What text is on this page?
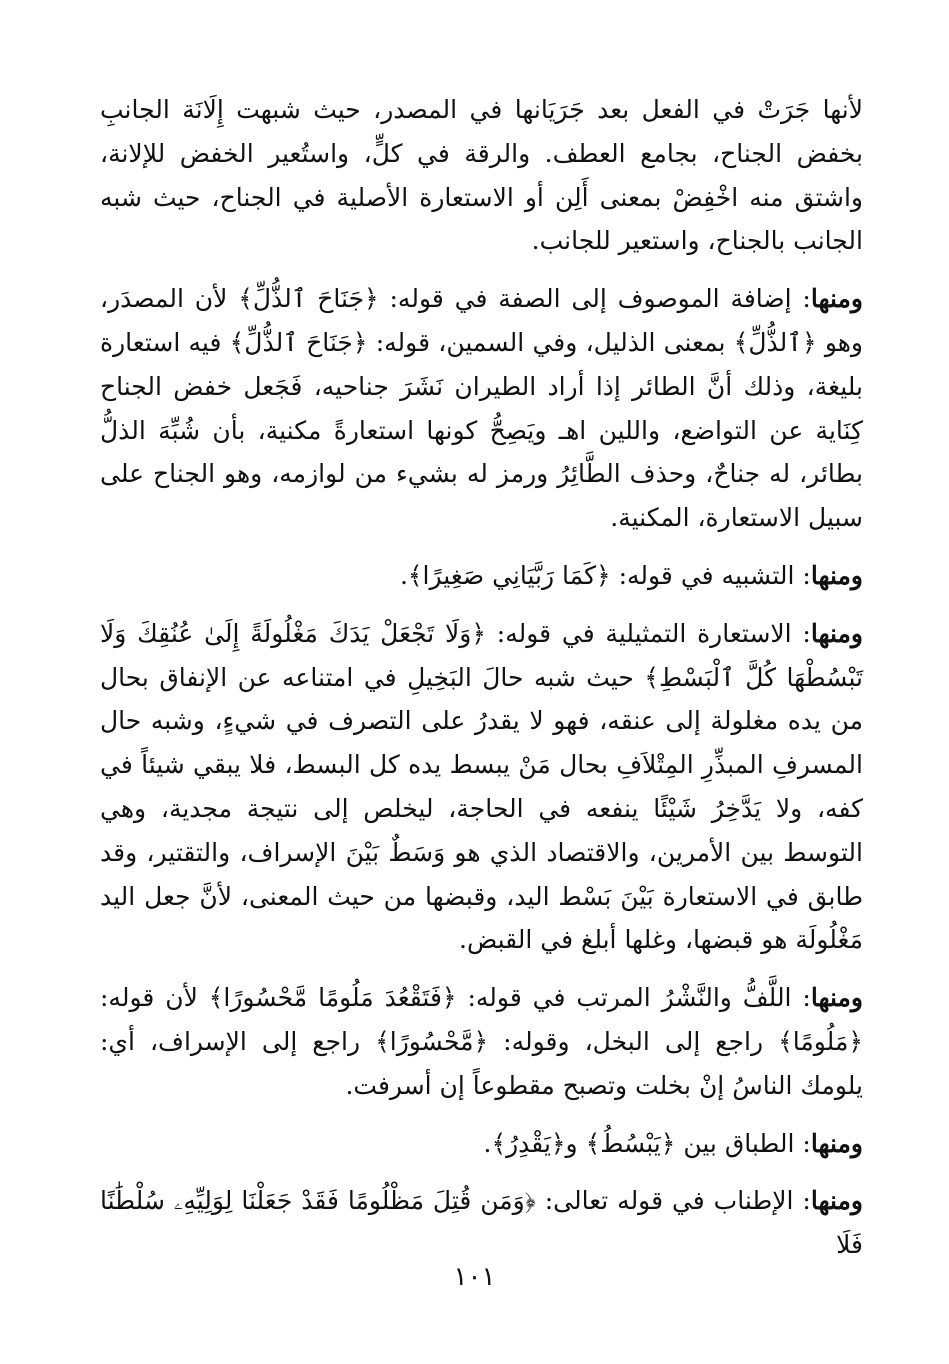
لأنها جَرَتْ في الفعل بعد جَرَيَانها في المصدر، حيث شبهت إِلَانَة الجانبِ بخفض الجناح، بجامع العطف. والرقة في كلٍّ، واستُعير الخفض للإلانة، واشتق منه اخْفِضْ بمعنى أَلِن أو الاستعارة الأصلية في الجناح، حيث شبه الجانب بالجناح، واستعير للجانب.

ومنها: إضافة الموصوف إلى الصفة في قوله: ﴿جَنَاحَ ٱلذُّلِّ﴾ لأن المصدَر، وهو ﴿ٱلذُّلِّ﴾ بمعنى الذليل، وفي السمين، قوله: ﴿جَنَاحَ ٱلذُّلِّ﴾ فيه استعارة بليغة، وذلك أنَّ الطائر إذا أراد الطيران نَشَرَ جناحيه، فَجَعل خفض الجناح كِنَاية عن التواضع، واللين اهـ ويَصِحُّ كونها استعارةً مكنية، بأن شُبِّهَ الذلُّ بطائر، له جناحٌ، وحذف الطَّائِرُ ورمز له بشيء من لوازمه، وهو الجناح على سبيل الاستعارة، المكنية.

ومنها: التشبيه في قوله: ﴿كَمَا رَبَّيَانِي صَغِيرًا﴾.

ومنها: الاستعارة التمثيلية في قوله: ﴿وَلَا تَجْعَلْ يَدَكَ مَغْلُولَةً إِلَىٰ عُنُقِكَ وَلَا تَبْسُطْهَا كُلَّ ٱلْبَسْطِ﴾ حيث شبه حالَ البَخِيلِ في امتناعه عن الإنفاق بحال من يده مغلولة إلى عنقه، فهو لا يقدرُ على التصرف في شيءٍ، وشبه حال المسرفِ المبذِّرِ المِتْلاَفِ بحال مَنْ يبسط يده كل البسط، فلا يبقي شيئاً في كفه، ولا يَدَّخِرُ شَيْئًا ينفعه في الحاجة، ليخلص إلى نتيجة مجدية، وهي التوسط بين الأمرين، والاقتصاد الذي هو وَسَطٌ بَيْنَ الإسراف، والتقتير، وقد طابق في الاستعارة بَيْنَ بَسْط اليد، وقبضها من حيث المعنى، لأنَّ جعل اليد مَغْلُولَة هو قبضها، وغلها أبلغ في القبض.

ومنها: اللَّفُّ والنَّشْرُ المرتب في قوله: ﴿فَتَقْعُدَ مَلُومًا مَّحْسُورًا﴾ لأن قوله: ﴿مَلُومًا﴾ راجع إلى البخل، وقوله: ﴿مَّحْسُورًا﴾ راجع إلى الإسراف، أي: يلومك الناسُ إنْ بخلت وتصبح مقطوعاً إن أسرفت.

ومنها: الطباق بين ﴿يَبْسُطُ﴾ و﴿يَقْدِرُ﴾.

ومنها: الإطناب في قوله تعالى: ﴿وَمَن قُتِلَ مَظْلُومًا فَقَدْ جَعَلْنَا لِوَلِيِّهِۦ سُلْطَٰنًا فَلَا

١٠١
